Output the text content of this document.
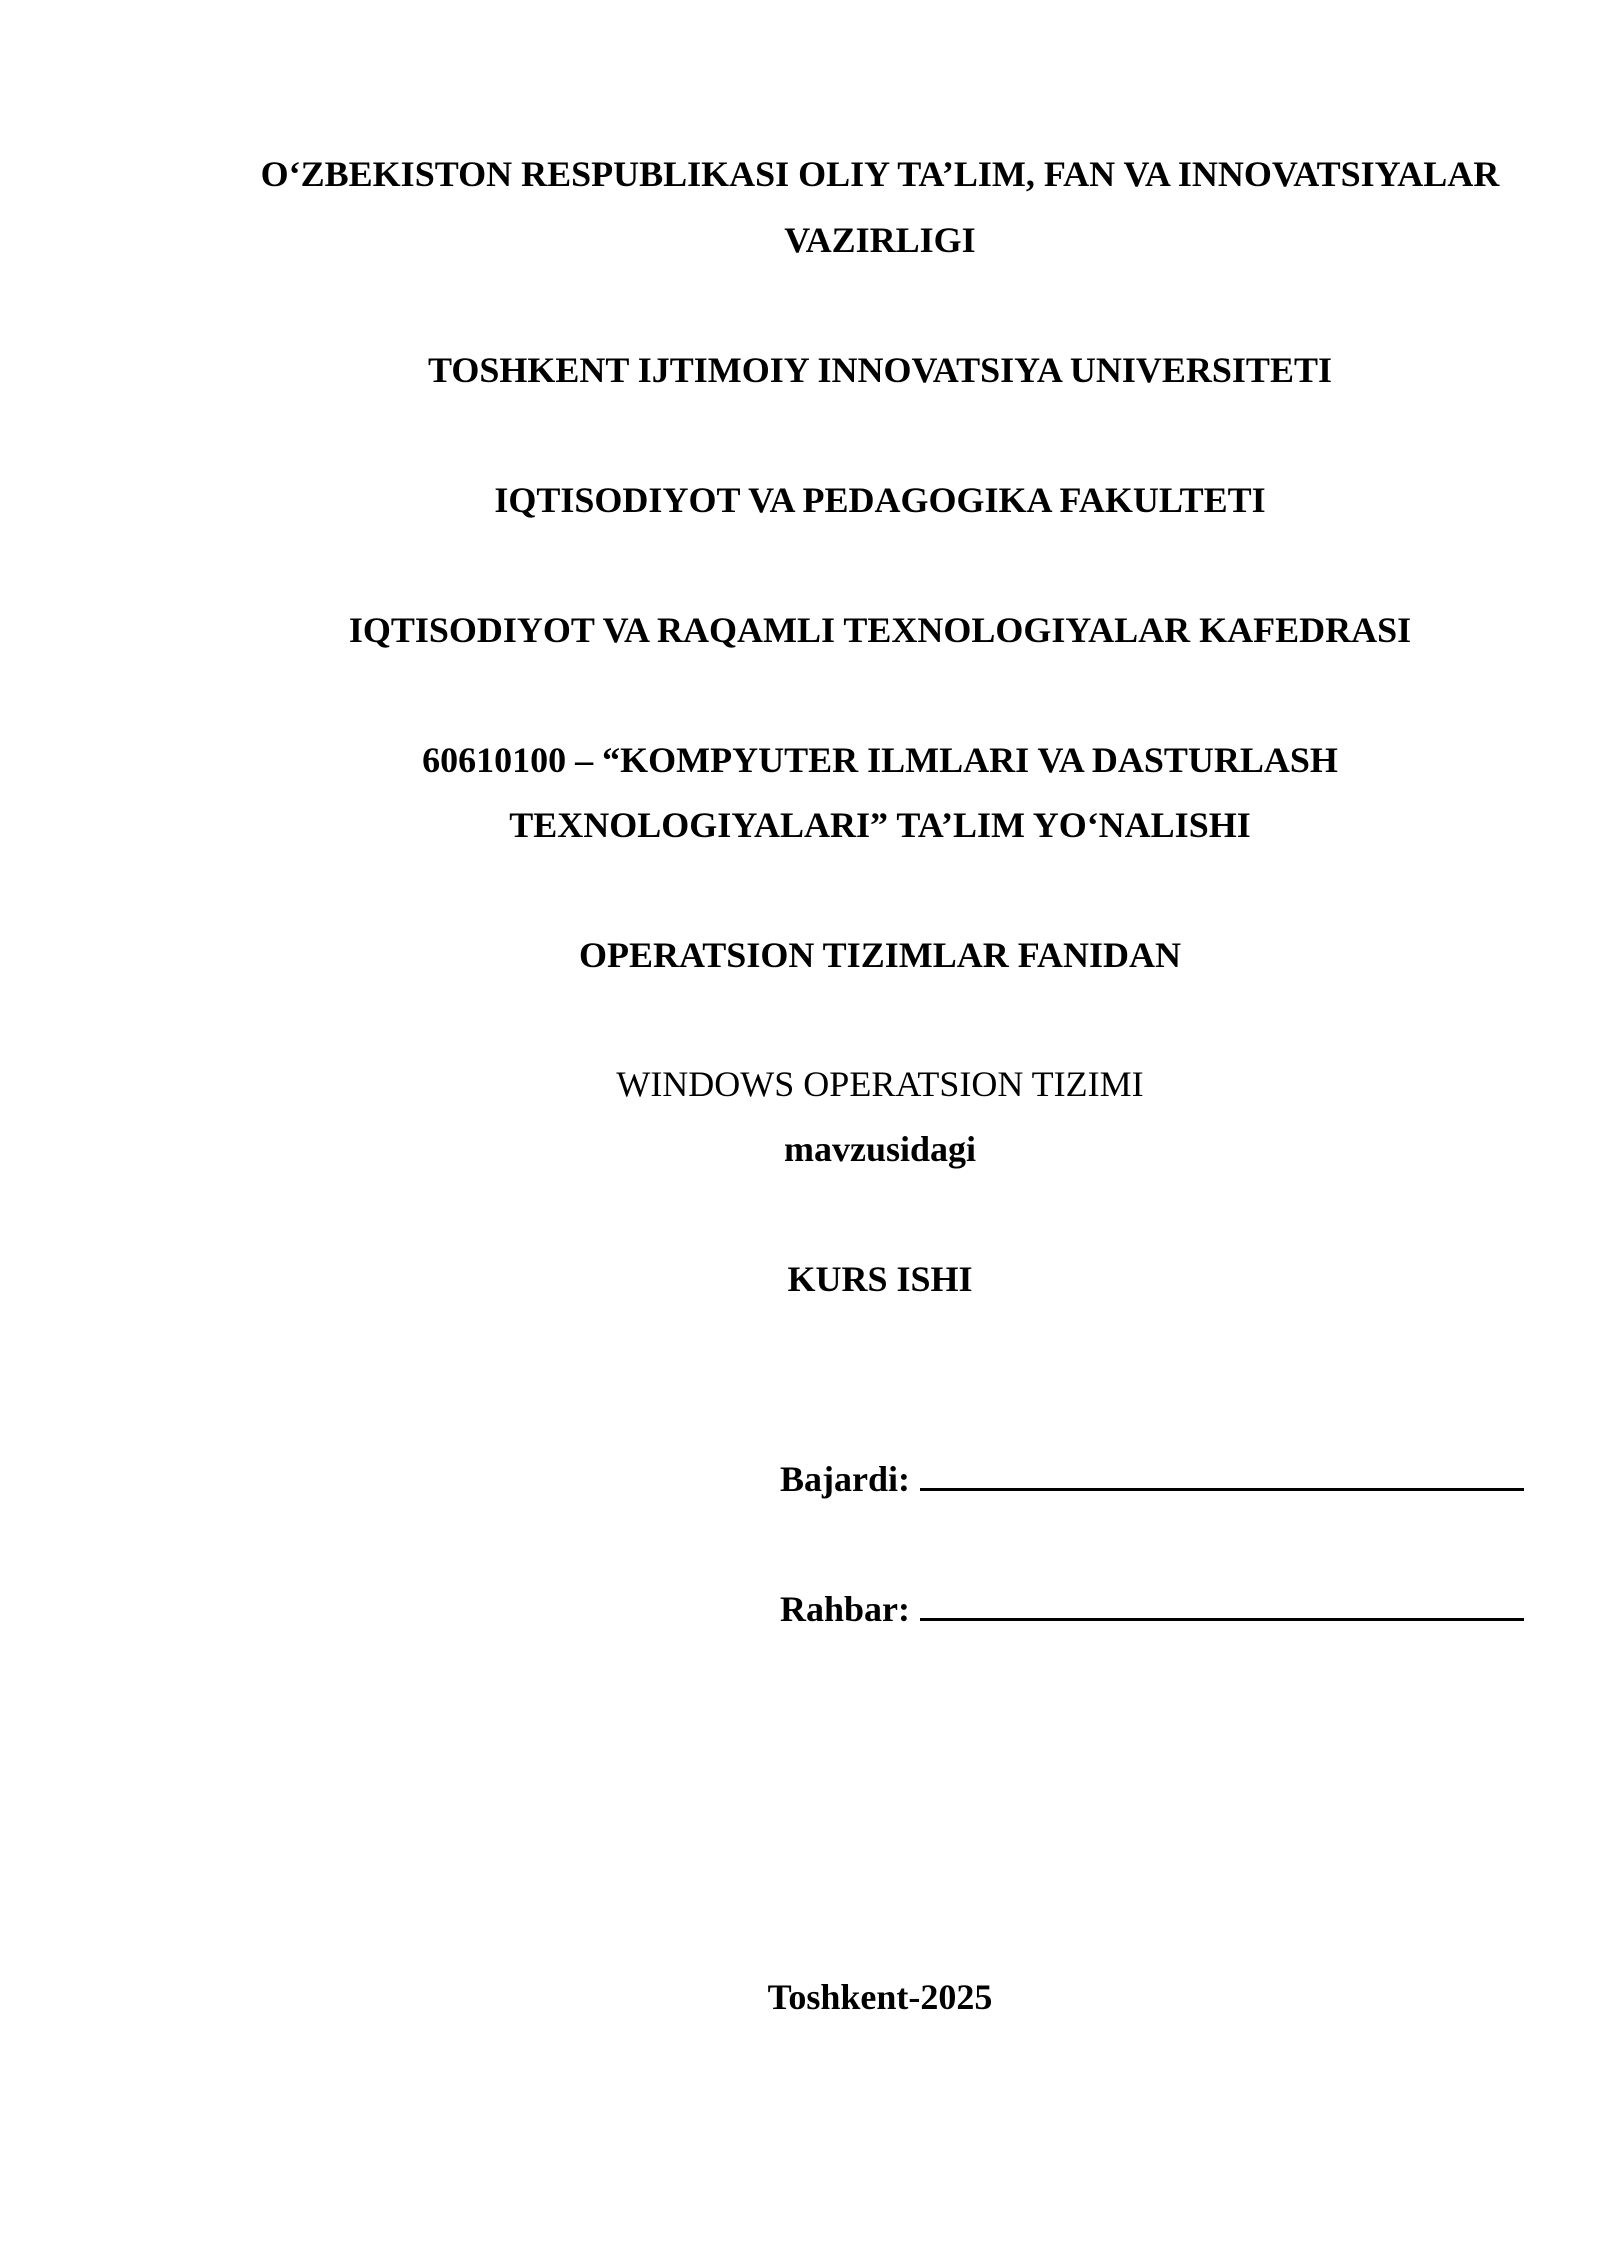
O‘ZBEKISTON RESPUBLIKASI OLIY TA’LIM, FAN VA INNOVATSIYALAR
VAZIRLIGI
TOSHKENT IJTIMOIY INNOVATSIYA UNIVERSITETI
IQTISODIYOT VA PEDAGOGIKA FAKULTETI
IQTISODIYOT VA RAQAMLI TEXNOLOGIYALAR KAFEDRASI
60610100 – “KOMPYUTER ILMLARI VA DASTURLASH
TEXNOLOGIYALARI” TA’LIM YO‘NALISHI
OPERATSION TIZIMLAR FANIDAN
WINDOWS OPERATSION TIZIMI
mavzusidagi
KURS ISHI
Bajardi:
Rahbar:
Toshkent-2025
